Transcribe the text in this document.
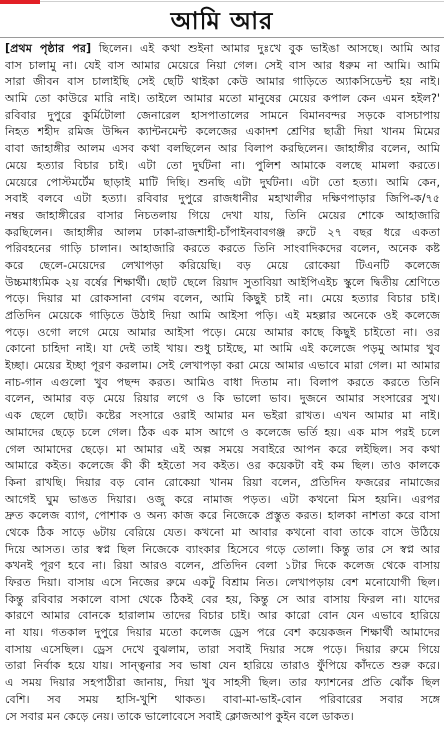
আমি আর
[প্রথম পৃষ্ঠার পর] ছিলেন। এই কথা শুইনা আমার দুঃখে বুক ভাইঙা আসছে। আমি আর
বাস চালামু না। যেই বাস আমার মেয়েরে নিয়া গেল। সেই বাস আর ধরুম না আমি। আমি
সারা জীবন বাস চালাইছি সেই ছেটি থাইকা কেউ আমার গাড়িতে অ্যাকসিডেন্ট হয় নাই।
আমি তো কাউরে মারি নাই। তাইলে আমার মতো মানুষের মেয়ের কপাল কেন এমন হইল?'
রবিবার দুপুরে কুর্মিটোলা জেনারেল হাসপাতালের সামনে বিমানবন্দর সড়কে বাসচাপায়
নিহত শহীদ রমিজ উদ্দিন ক্যান্টনমেন্ট কলেজের একাদশ শ্রেণির ছাত্রী দিয়া খানম মিমের
বাবা জাহাঙ্গীর আলম এসব কথা বলছিলেন আর বিলাপ করছিলেন। জাহাঙ্গীর বলেন, আমি
মেয়ে হত্যার বিচার চাই। এটা তো দুর্ঘটনা না। পুলিশ আমাকে বলছে মামলা করতে।
মেয়েরে পোস্টমর্টেম ছাড়াই মাটি দিছি। শুনছি এটা দুর্ঘটনা। এটা তো হত্যা। আমি কেন,
সবাই বলবে এটা হত্যা। রবিবার দুপুরে রাজধানীর মহাখালীর দক্ষিণপাড়ার জিপি-ক/৭৫
নম্বর জাহাঙ্গীরের বাসার নিচতলায় গিয়ে দেখা যায়, তিনি মেয়ের শোকে আহাজারি
করছিলেন। জাহাঙ্গীর আলম ঢাকা-রাজশাহী-চাঁপাইনবাবগঞ্জ রুটে ২৭ বছর ধরে একতা
পরিবহনের গাড়ি চালান। আহাজারি করতে করতে তিনি সাংবাদিকদের বলেন, অনেক কষ্ট
করে ছেলে-মেয়েদের লেখাপড়া করিয়েছি। বড় মেয়ে রোকেয়া টিএনটি কলেজে
উচ্চমাধ্যমিক ২য় বর্ষের শিক্ষার্থী। ছোট ছেলে রিয়াদ সুতাবিয়া আইপিএইচ স্কুলে দ্বিতীয় শ্রেণিতে
পড়ে। দিয়ার মা রোকসানা বেগম বলেন, আমি কিছুই চাই না। মেয়ে হত্যার বিচার চাই।
প্রতিদিন মেয়েকে গাড়িতে উঠাই দিয়া আমি আইসা পড়ি। এই মহল্লার অনেকে ওই কলেজে
পড়ে। ওগো লগে মেয়ে আমার আইসা পড়ে। মেয়ে আমার কাছে কিছুই চাইতো না। ওর
কোনো চাহিদা নাই। যা দেই তাই খায়। শুধু চাইছে, মা আমি এই কলেজে পড়মু আমার খুব
ইচ্ছা। মেয়ের ইচ্ছা পূরণ করলাম। সেই লেখাপড়া করা মেয়ে আমার এভাবে মারা গেল। মা আমার
নাচ-গান এগুলো খুব পছন্দ করত। আমিও বাধা দিতাম না। বিলাপ করতে করতে তিনি
বলেন, আমার বড় মেয়ে রিয়ার লগে ও কি ভালো ভাব। দুজনে আমার সংসারের সুখ।
এক ছেলে ছোট। কষ্টের সংসারে ওরাই আমার মন ভইরা রাখত। এখন আমার মা নাই।
আমাদের ছেড়ে চলে গেল। ঠিক এক মাস আগে ও কলেজে ভর্তি হয়। এক মাস পরই চলে
গেল আমাদের ছেড়ে। মা আমার এই অল্প সময়ে সবাইরে আপন করে লইছিল। সব কথা
আমারে কইত। কলেজে কী কী হইতো সব কইত। ওর কয়েকটা বই কম ছিল। তাও কালকে
কিনা রাখছি। দিয়ার বড় বোন রোকেয়া খানম রিয়া বলেন, প্রতিদিন ফজরের নামাজের
আগেই ঘুম ভাঙত দিয়ার। ওজু করে নামাজ পড়ত। এটা কখনো মিস হয়নি। এরপর
দ্রুত কলেজ ব্যাগ, পোশাক ও অন্য কাজ করে নিজেকে প্রস্তুত করত। হালকা নাশতা করে বাসা
থেকে ঠিক সাড়ে ৬টায় বেরিয়ে যেত। কখনো মা আবার কখনো বাবা তাকে বাসে উঠিয়ে
দিয়ে আসত। তার স্বপ্ন ছিল নিজেকে ব্যাংকার হিসেবে গড়ে তোলা। কিন্তু তার সে স্বপ্ন আর
কখনই পূরণ হবে না। রিয়া আরও বলেন, প্রতিদিন বেলা ১টার দিকে কলেজ থেকে বাসায়
ফিরত দিয়া। বাসায় এসে নিজের রুমে একটু বিশ্রাম নিত। লেখাপড়ায় বেশ মনোযোগী ছিল।
কিন্তু রবিবার সকালে বাসা থেকে ঠিকই বের হয়, কিন্তু সে আর বাসায় ফিরল না। যাদের
কারণে আমার বোনকে হারালাম তাদের বিচার চাই। আর কারো বোন যেন এভাবে হারিয়ে
না যায়। গতকাল দুপুরে দিয়ার মতো কলেজ ড্রেস পরে বেশ কয়েকজন শিক্ষার্থী আমাদের
বাসায় এসেছিল। ড্রেস দেখে বুঝলাম, তারা সবাই দিয়ার সঙ্গে পড়ে। দিয়ার রুমে গিয়ে
তারা নির্বাক হয়ে যায়। সান্ত্বনার সব ভাষা যেন হারিয়ে তারাও ফুঁপিয়ে কাঁদতে শুরু করে।
এ সময় দিয়ার সহপাঠীরা জানায়, দিয়া খুব সাহসী ছিল। তার ফ্যাশনের প্রতি ঝোঁক ছিল
বেশি। সব সময় হাসি-খুশি থাকত। বাবা-মা-ভাই-বোন পরিবারের সবার সঙ্গে
সে সবার মন কেড়ে নেয়। তাকে ভালোবেসে সবাই ক্লোজআপ কুইন বলে ডাকত।
